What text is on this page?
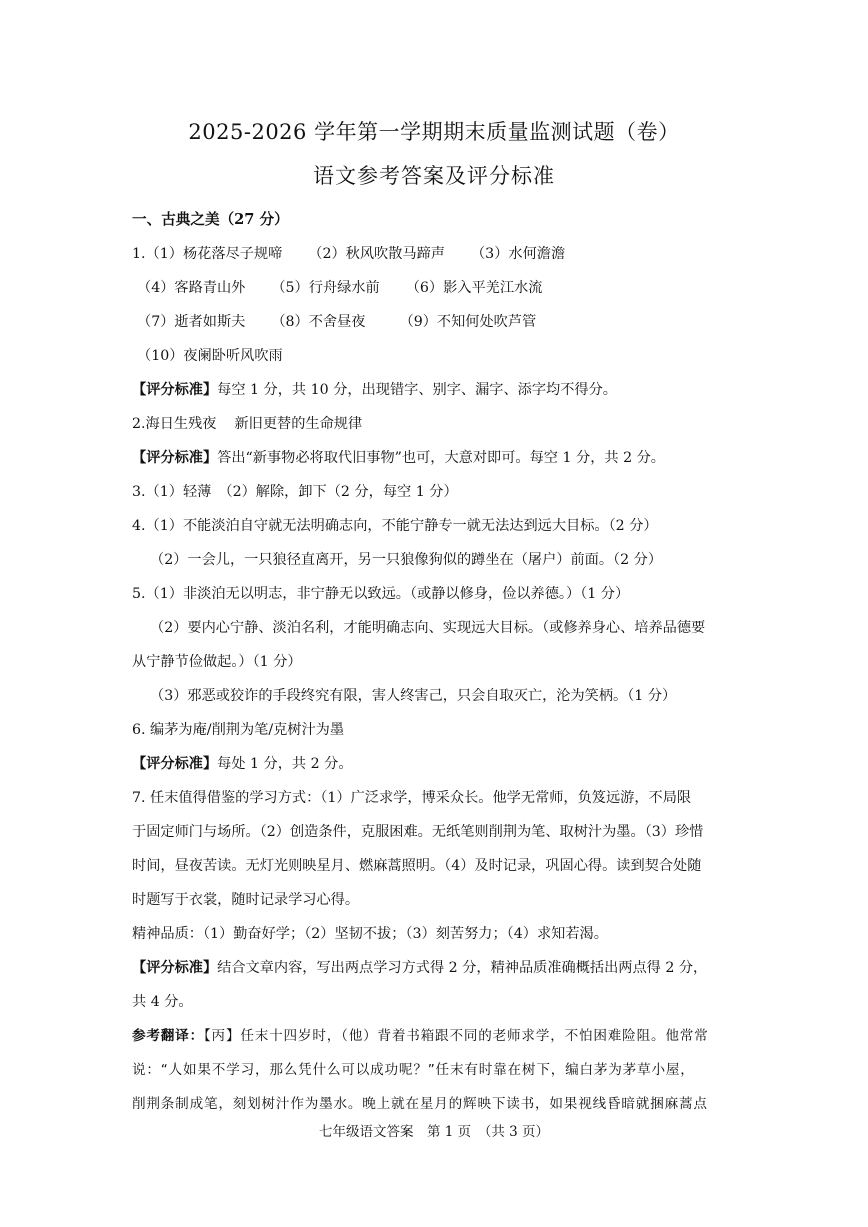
2025-2026 学年第一学期期末质量监测试题（卷）
语文参考答案及评分标准
一、古典之美（27 分）
1.（1）杨花落尽子规啼 （2）秋风吹散马蹄声 （3）水何澹澹
（4）客路青山外 （5）行舟绿水前 （6）影入平羌江水流
（7）逝者如斯夫 （8）不舍昼夜 （9）不知何处吹芦管
（10）夜阑卧听风吹雨
【评分标准】每空 1 分，共 10 分，出现错字、别字、漏字、添字均不得分。
2.海日生残夜 新旧更替的生命规律
【评分标准】答出“新事物必将取代旧事物”也可，大意对即可。每空 1 分，共 2 分。
3.（1）轻薄　（2）解除，卸下（2 分，每空 1 分）
4.（1）不能淡泊自守就无法明确志向，不能宁静专一就无法达到远大目标。（2 分）
（2）一会儿，一只狼径直离开，另一只狼像狗似的蹲坐在（屠户）前面。（2 分）
5.（1）非淡泊无以明志，非宁静无以致远。（或静以修身，俭以养德。）（1 分）
（2）要内心宁静、淡泊名利，才能明确志向、实现远大目标。（或修养身心、培养品德要
从宁静节俭做起。）（1 分）
（3）邪恶或狡诈的手段终究有限，害人终害己，只会自取灭亡，沦为笑柄。（1 分）
6. 编茅为庵/削荆为笔/克树汁为墨
【评分标准】每处 1 分，共 2 分。
7. 任末值得借鉴的学习方式：（1）广泛求学，博采众长。他学无常师，负笈远游，不局限
于固定师门与场所。（2）创造条件，克服困难。无纸笔则削荆为笔、取树汁为墨。（3）珍惜
时间，昼夜苦读。无灯光则映星月、燃麻蒿照明。（4）及时记录，巩固心得。读到契合处随
时题写于衣裳，随时记录学习心得。
精神品质：（1）勤奋好学；（2）坚韧不拔；（3）刻苦努力；（4）求知若渴。
【评分标准】结合文章内容，写出两点学习方式得 2 分，精神品质准确概括出两点得 2 分，
共 4 分。
参考翻译：【丙】任末十四岁时，（他）背着书箱跟不同的老师求学，不怕困难险阻。他常常
说：“人如果不学习，那么凭什么可以成功呢？”任末有时靠在树下，编白茅为茅草小屋，
削荆条制成笔，刻划树汁作为墨水。晚上就在星月的辉映下读书，如果视线昏暗就捆麻蒿点
七年级语文答案　第 1 页　（共 3 页）
